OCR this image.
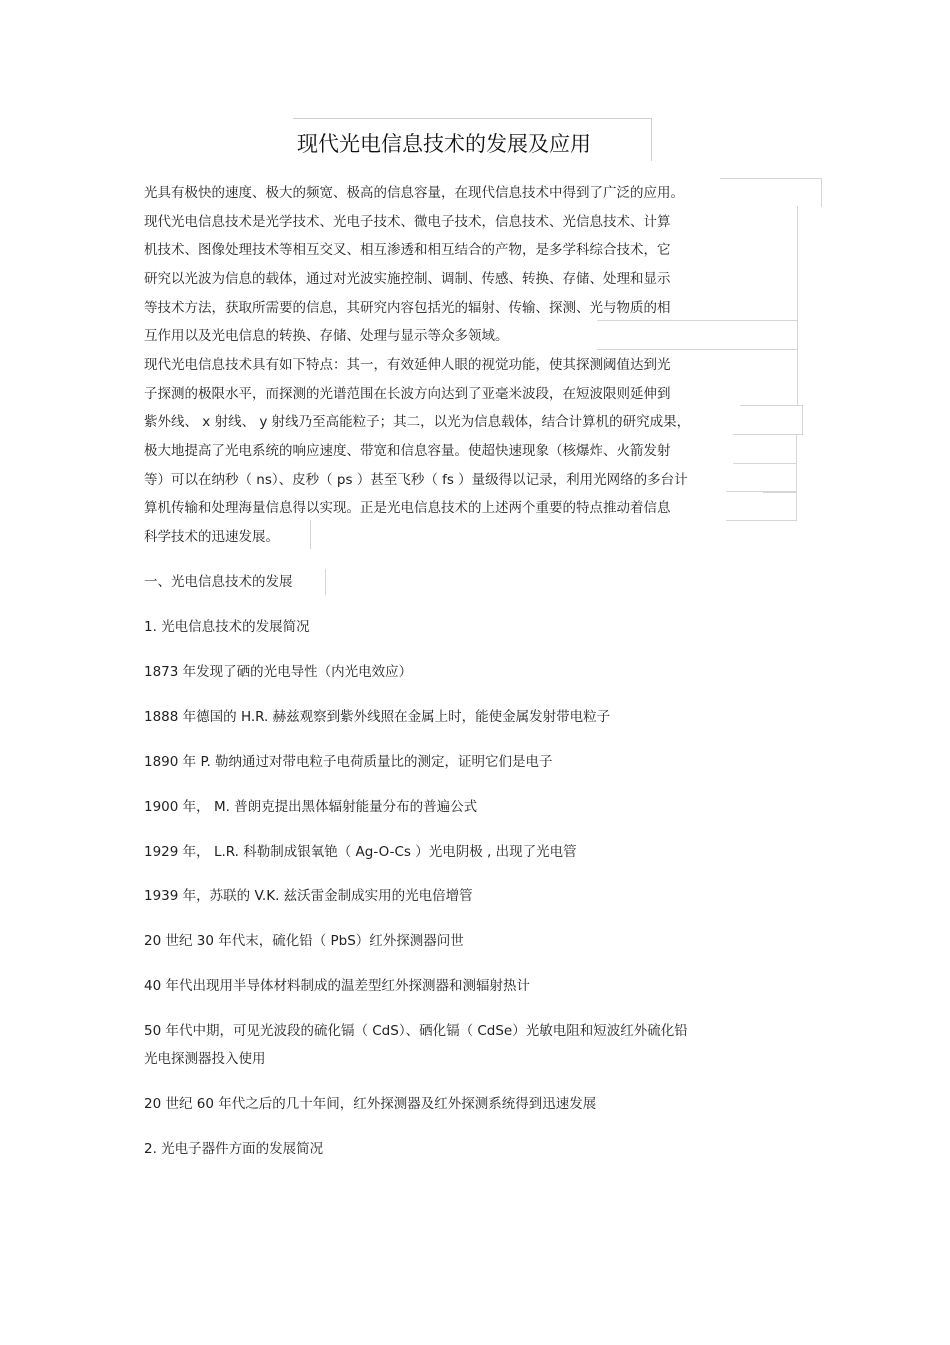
现代光电信息技术的发展及应用
光具有极快的速度、极大的频宽、极高的信息容量，在现代信息技术中得到了广泛的应用。
现代光电信息技术是光学技术、光电子技术、微电子技术，信息技术、光信息技术、计算
机技术、图像处理技术等相互交叉、相互渗透和相互结合的产物，是多学科综合技术，它
研究以光波为信息的载体，通过对光波实施控制、调制、传感、转换、存储、处理和显示
等技术方法，获取所需要的信息，其研究内容包括光的辐射、传输、探测、光与物质的相
互作用以及光电信息的转换、存储、处理与显示等众多领域。
现代光电信息技术具有如下特点：其一，有效延伸人眼的视觉功能，使其探测阈值达到光
子探测的极限水平，而探测的光谱范围在长波方向达到了亚毫米波段，在短波限则延伸到
紫外线、 x 射线、 y 射线乃至高能粒子；其二，以光为信息载体，结合计算机的研究成果，
极大地提高了光电系统的响应速度、带宽和信息容量。使超快速现象（核爆炸、火箭发射
等）可以在纳秒（ ns）、皮秒（ ps ）甚至飞秒（ fs ）量级得以记录，利用光网络的多台计
算机传输和处理海量信息得以实现。正是光电信息技术的上述两个重要的特点推动着信息
科学技术的迅速发展。
一、光电信息技术的发展
1. 光电信息技术的发展简况
1873 年发现了硒的光电导性（内光电效应）
1888 年德国的 H.R. 赫兹观察到紫外线照在金属上时，能使金属发射带电粒子
1890 年 P. 勒纳通过对带电粒子电荷质量比的测定，证明它们是电子
1900 年， M. 普朗克提出黑体辐射能量分布的普遍公式
1929 年， L.R. 科勒制成银氧铯（ Ag-O-Cs ）光电阴极 , 出现了光电管
1939 年，苏联的 V.K. 兹沃雷金制成实用的光电倍增管
20 世纪 30 年代末，硫化铅（ PbS）红外探测器问世
40 年代出现用半导体材料制成的温差型红外探测器和测辐射热计
50 年代中期，可见光波段的硫化镉（ CdS）、硒化镉（ CdSe）光敏电阻和短波红外硫化铅
光电探测器投入使用
20 世纪 60 年代之后的几十年间，红外探测器及红外探测系统得到迅速发展
2. 光电子器件方面的发展简况
